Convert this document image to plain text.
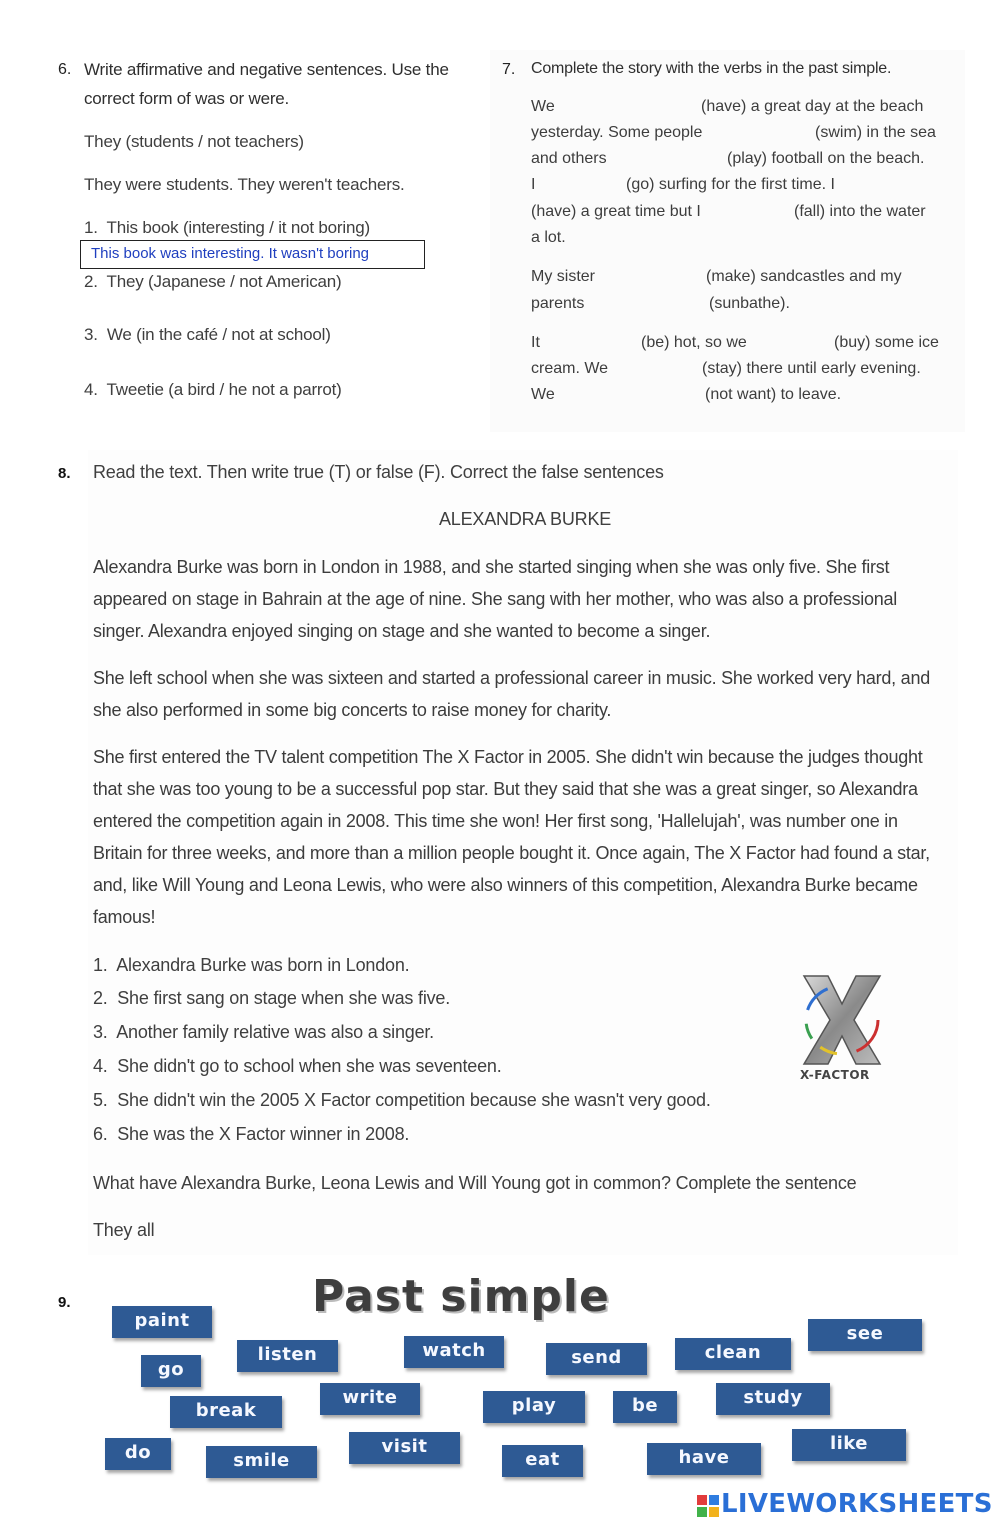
6. Write affirmative and negative sentences. Use the
correct form of was or were.
They (students / not teachers)
They were students. They weren't teachers.
1. This book (interesting / it not boring)
This book was interesting. It wasn't boring
2. They (Japanese / not American)
3. We (in the café / not at school)
4. Tweetie (a bird / he not a parrot)
7. Complete the story with the verbs in the past simple.
We	(have) a great day at the beach
yesterday. Some people	(swim) in the sea
and others	(play) football on the beach.
I	(go) surfing for the first time. I
(have) a great time but I	(fall) into the water
a lot.
My sister	(make) sandcastles and my
parents	(sunbathe).
It	(be) hot, so we	(buy) some ice
cream. We	(stay) there until early evening.
We	(not want) to leave.
8. Read the text. Then write true (T) or false (F). Correct the false sentences
ALEXANDRA BURKE
Alexandra Burke was born in London in 1988, and she started singing when she was only five. She first appeared on stage in Bahrain at the age of nine. She sang with her mother, who was also a professional singer. Alexandra enjoyed singing on stage and she wanted to become a singer.
She left school when she was sixteen and started a professional career in music. She worked very hard, and she also performed in some big concerts to raise money for charity.
She first entered the TV talent competition The X Factor in 2005. She didn't win because the judges thought that she was too young to be a successful pop star. But they said that she was a great singer, so Alexandra entered the competition again in 2008. This time she won! Her first song, 'Hallelujah', was number one in Britain for three weeks, and more than a million people bought it. Once again, The X Factor had found a star, and, like Will Young and Leona Lewis, who were also winners of this competition, Alexandra Burke became famous!
1. Alexandra Burke was born in London.
2. She first sang on stage when she was five.
3. Another family relative was also a singer.
4. She didn't go to school when she was seventeen.
5. She didn't win the 2005 X Factor competition because she wasn't very good.
6. She was the X Factor winner in 2008.
What have Alexandra Burke, Leona Lewis and Will Young got in common? Complete the sentence
They all
X-FACTOR
9.	Past simple
paint
listen	watch	send	clean
see
go
break
write	play	be	study
do	smile
visit
eat	have
like
LIVEWORKSHEETS
